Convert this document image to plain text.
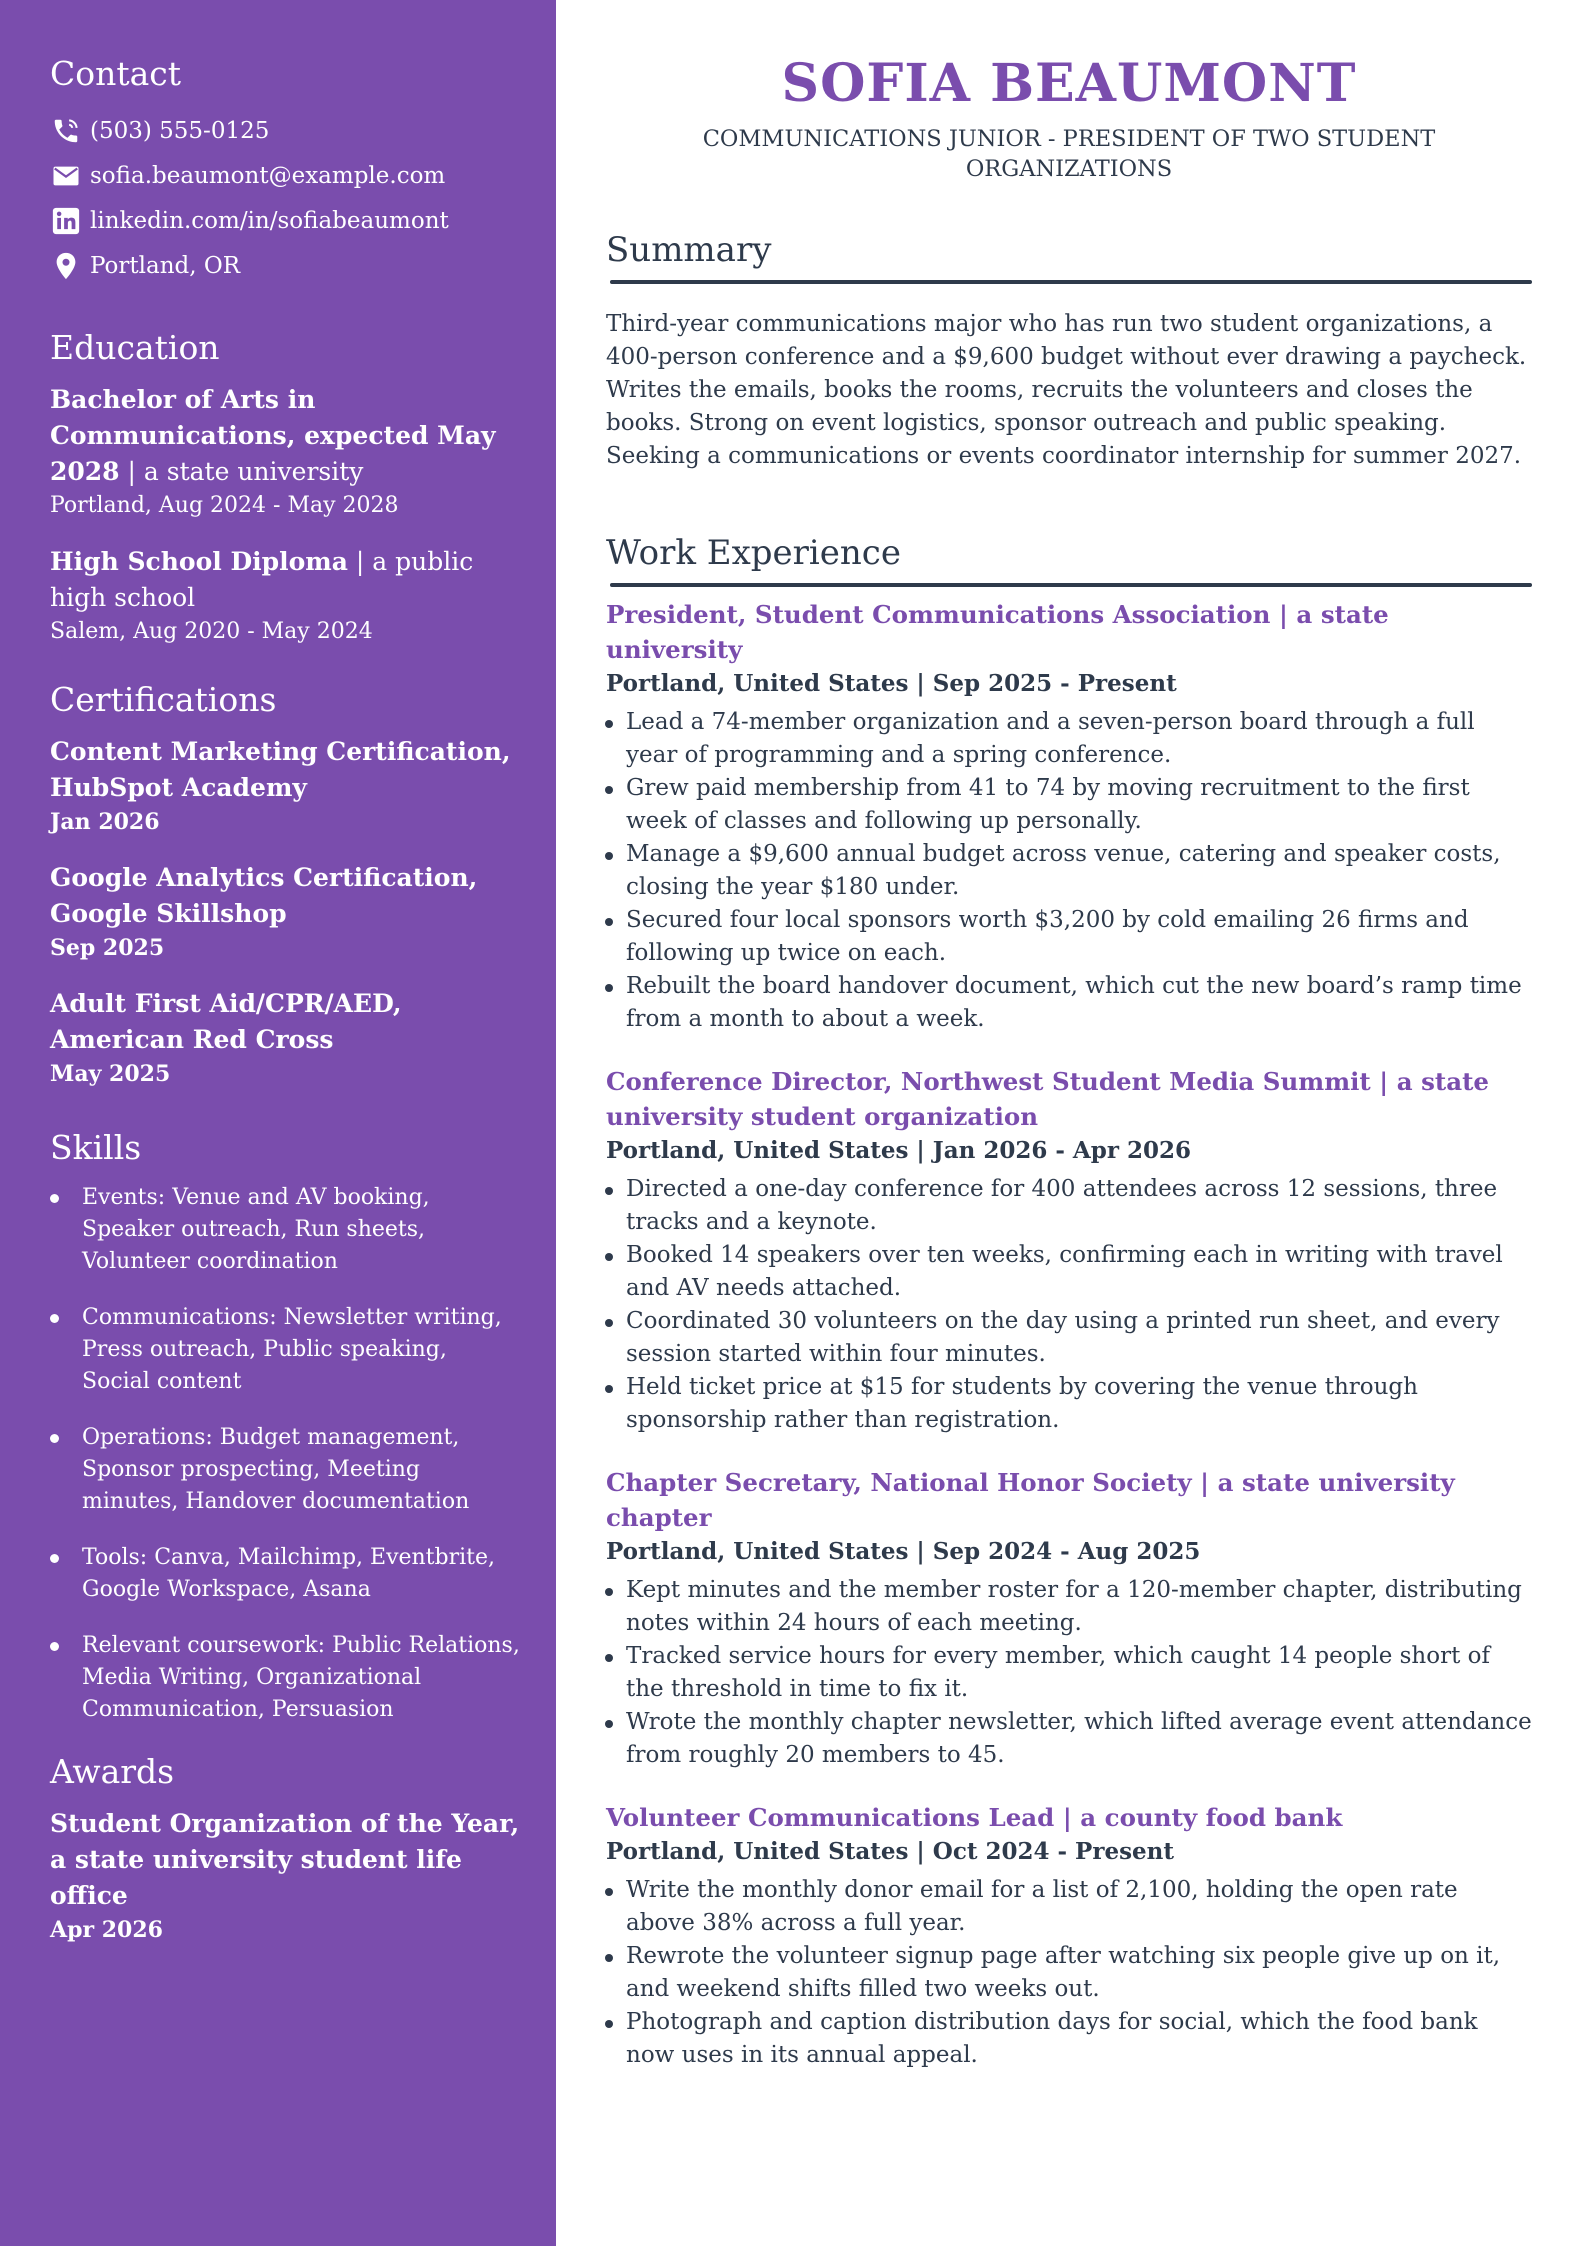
Contact
(503) 555-0125
sofia.beaumont@example.com
linkedin.com/in/sofiabeaumont
Portland, OR
Education
Bachelor of Arts in Communications, expected May 2028 | a state university
Portland, Aug 2024 - May 2028
High School Diploma | a public high school
Salem, Aug 2020 - May 2024
Certifications
Content Marketing Certification, HubSpot Academy
Jan 2026
Google Analytics Certification, Google Skillshop
Sep 2025
Adult First Aid/CPR/AED, American Red Cross
May 2025
Skills
Events: Venue and AV booking, Speaker outreach, Run sheets, Volunteer coordination
Communications: Newsletter writing, Press outreach, Public speaking, Social content
Operations: Budget management, Sponsor prospecting, Meeting minutes, Handover documentation
Tools: Canva, Mailchimp, Eventbrite, Google Workspace, Asana
Relevant coursework: Public Relations, Media Writing, Organizational Communication, Persuasion
Awards
Student Organization of the Year, a state university student life office
Apr 2026
SOFIA BEAUMONT
COMMUNICATIONS JUNIOR - PRESIDENT OF TWO STUDENT ORGANIZATIONS
Summary

Third-year communications major who has run two student organizations, a 400-person conference and a $9,600 budget without ever drawing a paycheck. Writes the emails, books the rooms, recruits the volunteers and closes the books. Strong on event logistics, sponsor outreach and public speaking. Seeking a communications or events coordinator internship for summer 2027.

Work Experience
President, Student Communications Association | a state university
Portland, United States | Sep 2025 - Present
Lead a 74-member organization and a seven-person board through a full year of programming and a spring conference.
Grew paid membership from 41 to 74 by moving recruitment to the first week of classes and following up personally.
Manage a $9,600 annual budget across venue, catering and speaker costs, closing the year $180 under.
Secured four local sponsors worth $3,200 by cold emailing 26 firms and following up twice on each.
Rebuilt the board handover document, which cut the new board’s ramp time from a month to about a week.
Conference Director, Northwest Student Media Summit | a state university student organization
Portland, United States | Jan 2026 - Apr 2026
Directed a one-day conference for 400 attendees across 12 sessions, three tracks and a keynote.
Booked 14 speakers over ten weeks, confirming each in writing with travel and AV needs attached.
Coordinated 30 volunteers on the day using a printed run sheet, and every session started within four minutes.
Held ticket price at $15 for students by covering the venue through sponsorship rather than registration.
Chapter Secretary, National Honor Society | a state university chapter
Portland, United States | Sep 2024 - Aug 2025
Kept minutes and the member roster for a 120-member chapter, distributing notes within 24 hours of each meeting.
Tracked service hours for every member, which caught 14 people short of the threshold in time to fix it.
Wrote the monthly chapter newsletter, which lifted average event attendance from roughly 20 members to 45.
Volunteer Communications Lead | a county food bank
Portland, United States | Oct 2024 - Present
Write the monthly donor email for a list of 2,100, holding the open rate above 38% across a full year.
Rewrote the volunteer signup page after watching six people give up on it, and weekend shifts filled two weeks out.
Photograph and caption distribution days for social, which the food bank now uses in its annual appeal.
